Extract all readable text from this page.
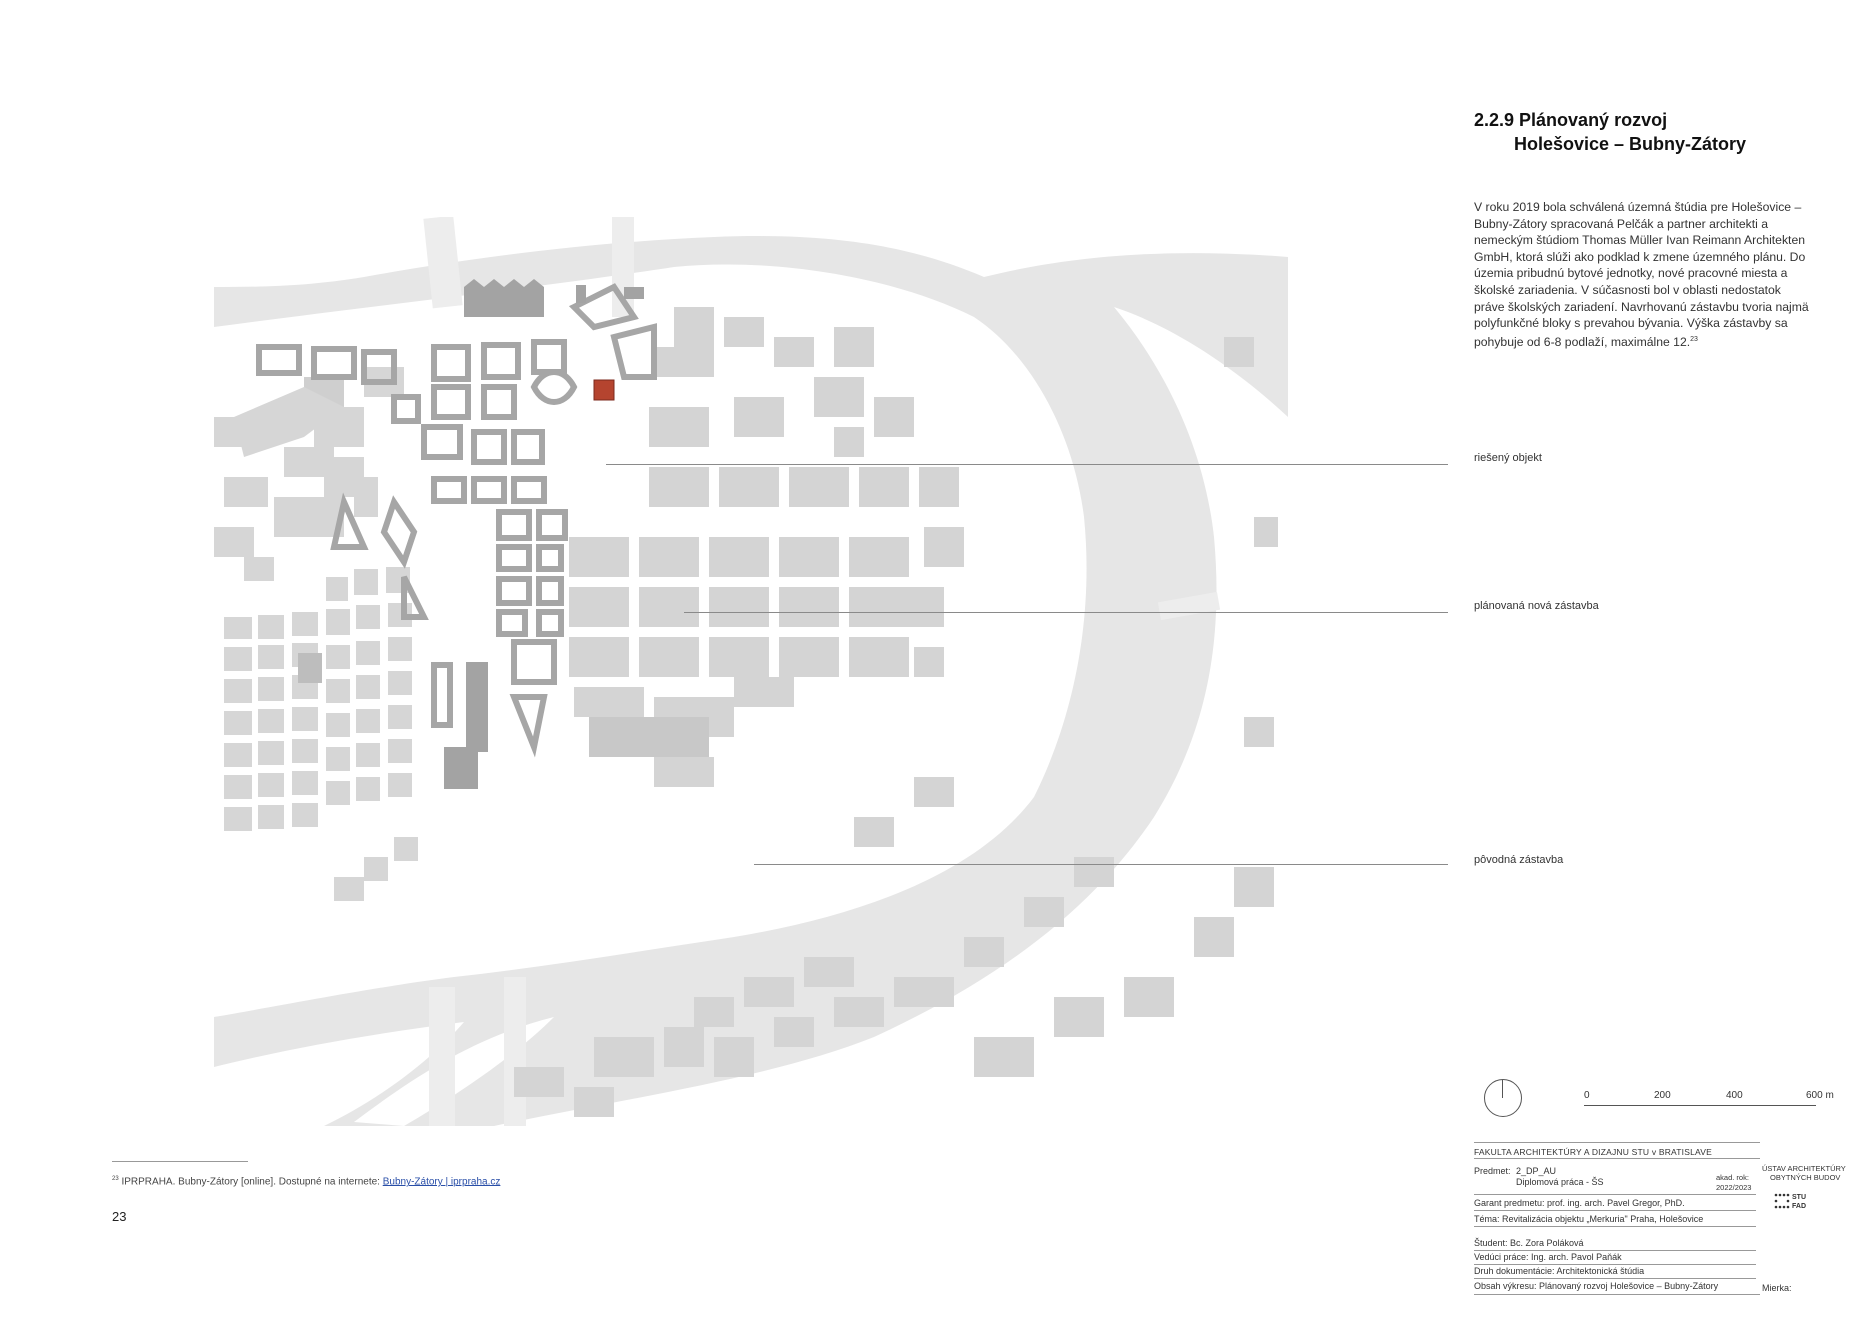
2.2.9 Plánovaný rozvoj
Holešovice – Bubny-Zátory
V roku 2019 bola schválená územná štúdia pre Holešovice – Bubny-Zátory spracovaná Pelčák a partner architekti a nemeckým štúdiom Thomas Müller Ivan Reimann Architekten GmbH, ktorá slúži ako podklad k zmene územného plánu. Do územia pribudnú bytové jednotky, nové pracovné miesta a školské zariadenia. V súčasnosti bol v oblasti nedostatok práve školských zariadení. Navrhovanú zástavbu tvoria najmä polyfunkčné bloky s prevahou bývania. Výška zástavby sa pohybuje od 6-8 podlaží, maximálne 12.23
Vltava
riešený objekt
plánovaná nová zástavba
pôvodná zástavba
0	200	400	600 m
$^{23}$ IPRPRAHA. Bubny-Zátory [online]. Dostupné na internete: Bubny-Zátory | iprpraha.cz
23
FAKULTA ARCHITEKTÚRY A DIZAJNU STU v BRATISLAVE
Predmet: 2_DP_AU
Diplomová práca - ŠS	akad. rok:
2022/2023
ÚSTAV ARCHITEKTÚRY
OBYTNÝCH BUDOV
STU
FAD
Garant predmetu: prof. ing. arch. Pavel Gregor, PhD.
Téma: Revitalizácia objektu „Merkuria" Praha, Holešovice
Študent: Bc. Zora Poláková
Vedúci práce: Ing. arch. Pavol Paňák
Druh dokumentácie: Architektonická štúdia
Obsah výkresu: Plánovaný rozvoj Holešovice – Bubny-Zátory	Mierka:
